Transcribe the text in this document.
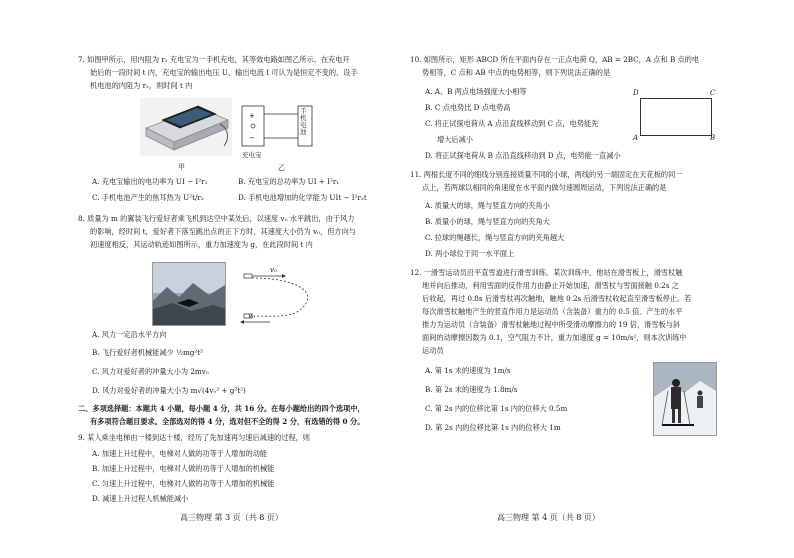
7. 如图甲所示，用内阻为 r₁ 充电宝为一手机充电，其等效电路如图乙所示。在充电开
始后的一段时间 t 内，充电宝的输出电压 U、输出电流 I 可认为是恒定不变的，设手
机电池的内阻为 r₂，则时间 t 内
甲
+
−
手机电池
充电宝
乙
A. 充电宝输出的电功率为 UI − I²r₁	B. 充电宝的总功率为 UI + I²r₁
C. 手机电池产生的焦耳热为 U²t/r₂	D. 手机电池增加的化学能为 UIt − I²r₂t
8. 质量为 m 的翼装飞行爱好者乘飞机到达空中某处后，以速度 v₀ 水平跳出，由于风力
的影响，经时间 t，爱好者下落至跳出点的正下方时，其速度大小仍为 v₀，但方向与
初速度相反，其运动轨迹如图所示，重力加速度为 g，在此段时间 t 内
v₀
v₀
A. 风力一定沿水平方向
B. 飞行爱好者机械能减少 ½mg²t²
C. 风力对爱好者的冲量大小为 2mv₀
D. 风力对爱好者的冲量大小为 m√(4v₀² + g²t²)
二、多项选择题：本题共 4 小题，每小题 4 分，共 16 分。在每小题给出的四个选项中，
有多项符合题目要求。全部选对的得 4 分，选对但不全的得 2 分，有选错的得 0 分。
9. 某人乘坐电梯由一楼到达十楼，经历了先加速再匀速后减速的过程，则
A. 加速上升过程中，电梯对人做的功等于人增加的动能
B. 加速上升过程中，电梯对人做的功等于人增加的机械能
C. 匀速上升过程中，电梯对人做的功等于人增加的机械能
D. 减速上升过程人机械能减小
高三物理 第 3 页（共 8 页）
10. 如图所示，矩形 ABCD 所在平面内存在一正点电荷 Q，AB = 2BC，A 点和 B 点的电
势相等，C 点和 AB 中点的电势相等，则下列说法正确的是
A. A、B 两点电场强度大小相等
B. C 点电势比 D 点电势高
C. 将正试探电荷从 A 点沿直线移动到 C 点，电势能先
增大后减小
D. 将正试探电荷从 B 点沿直线移动到 D 点，电势能一直减小
D	C
A	B
11. 两根长度不同的细线分别连接质量不同的小球，两线的另一端固定在天花板的同一
点上，若两球以相同的角速度在水平面内做匀速圆周运动，下列说法正确的是
A. 质量大的球，绳与竖直方向的夹角小
B. 质量小的球，绳与竖直方向的夹角大
C. 拉球的绳越长，绳与竖直方向的夹角越大
D. 两小球位于同一水平面上
12. 一滑雪运动员沿平直雪道进行滑雪训练。某次训练中，他站在滑雪板上，滑雪杖触
地并向后推动，利用雪面的反作用力由静止开始加速，滑雪杖与雪面接触 0.2s 之
后收起，再过 0.8s 后滑雪杖再次触地，触地 0.2s 后滑雪杖收起直至滑雪板停止。若
每次滑雪杖触地产生的竖直作用力是运动员（含装备）重力的 0.5 倍、产生的水平
推力为运动员（含装备）滑雪杖触地过程中所受滑动摩擦力的 19 倍，滑雪板与斜
面间的动摩擦因数为 0.1，空气阻力不计，重力加速度 g = 10m/s²，则本次训练中
运动员
A. 第 1s 末的速度为 1m/s
B. 第 2s 末的速度为 1.8m/s
C. 第 2s 内的位移比第 1s 内的位移大 0.5m
D. 第 2s 内的位移比第 1s 内的位移大 1m
高三物理 第 4 页（共 8 页）
